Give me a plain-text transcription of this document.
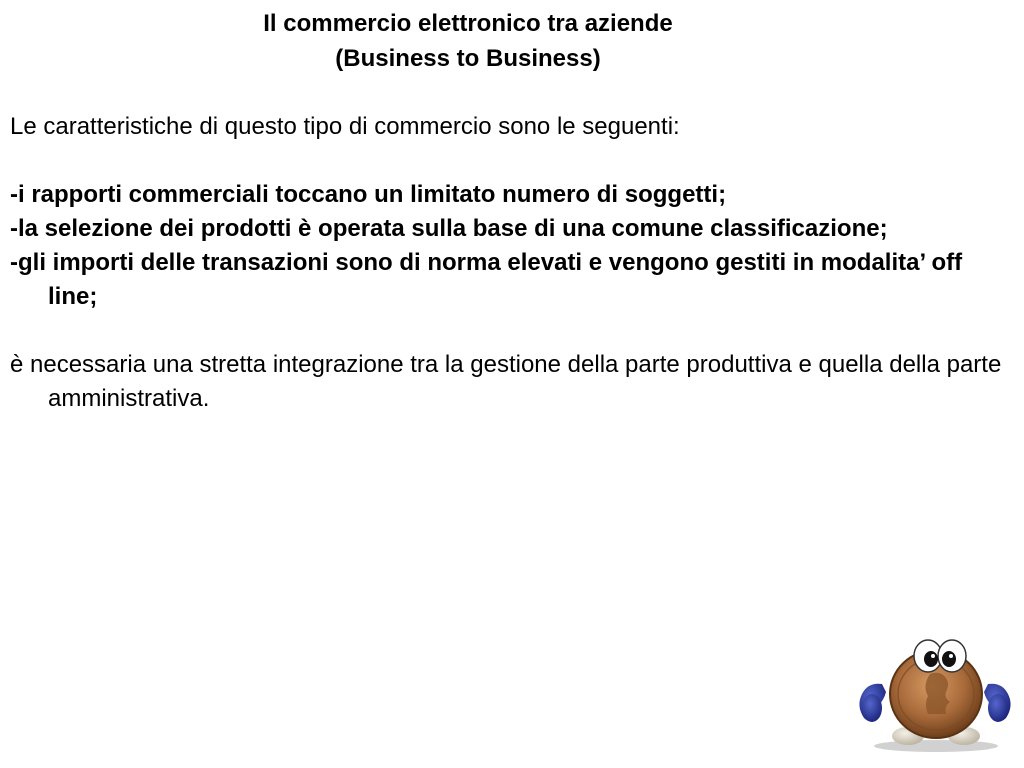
Il commercio elettronico tra aziende
(Business to Business)

Le caratteristiche di questo tipo di commercio sono le seguenti:

-i rapporti commerciali toccano un limitato numero di soggetti;

-la selezione dei prodotti è operata sulla base di una comune classificazione;

-gli importi delle transazioni sono di norma elevati e vengono gestiti in modalita’ off line;

è necessaria una stretta integrazione tra la gestione della parte produttiva e quella della parte amministrativa.
